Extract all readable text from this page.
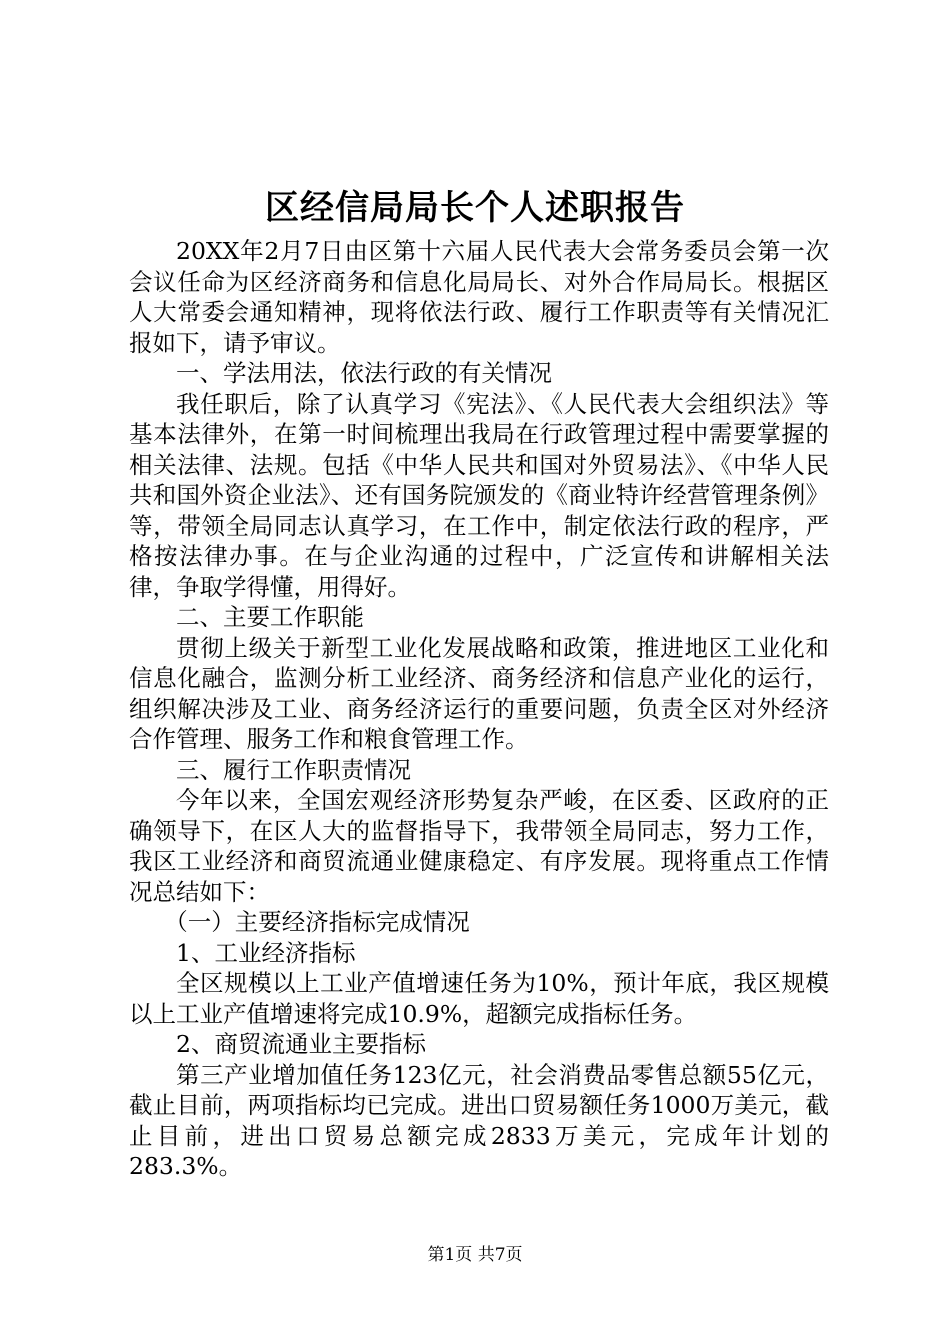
区经信局局长个人述职报告

20XX年2月7日由区第十六届人民代表大会常务委员会第一次会议任命为区经济商务和信息化局局长、对外合作局局长。根据区人大常委会通知精神，现将依法行政、履行工作职责等有关情况汇报如下，请予审议。

一、学法用法，依法行政的有关情况

我任职后，除了认真学习《宪法》、《人民代表大会组织法》等基本法律外，在第一时间梳理出我局在行政管理过程中需要掌握的相关法律、法规。包括《中华人民共和国对外贸易法》、《中华人民共和国外资企业法》、还有国务院颁发的《商业特许经营管理条例》等，带领全局同志认真学习，在工作中，制定依法行政的程序，严格按法律办事。在与企业沟通的过程中，广泛宣传和讲解相关法律，争取学得懂，用得好。

二、主要工作职能

贯彻上级关于新型工业化发展战略和政策，推进地区工业化和信息化融合，监测分析工业经济、商务经济和信息产业化的运行，组织解决涉及工业、商务经济运行的重要问题，负责全区对外经济合作管理、服务工作和粮食管理工作。

三、履行工作职责情况

今年以来，全国宏观经济形势复杂严峻，在区委、区政府的正确领导下，在区人大的监督指导下，我带领全局同志，努力工作，我区工业经济和商贸流通业健康稳定、有序发展。现将重点工作情况总结如下：

（一）主要经济指标完成情况

1、工业经济指标

全区规模以上工业产值增速任务为10%，预计年底，我区规模以上工业产值增速将完成10.9%，超额完成指标任务。

2、商贸流通业主要指标

第三产业增加值任务123亿元，社会消费品零售总额55亿元，截止目前，两项指标均已完成。进出口贸易额任务1000万美元，截止目前，进出口贸易总额完成2833万美元，完成年计划的283.3%。

第1页 共7页
